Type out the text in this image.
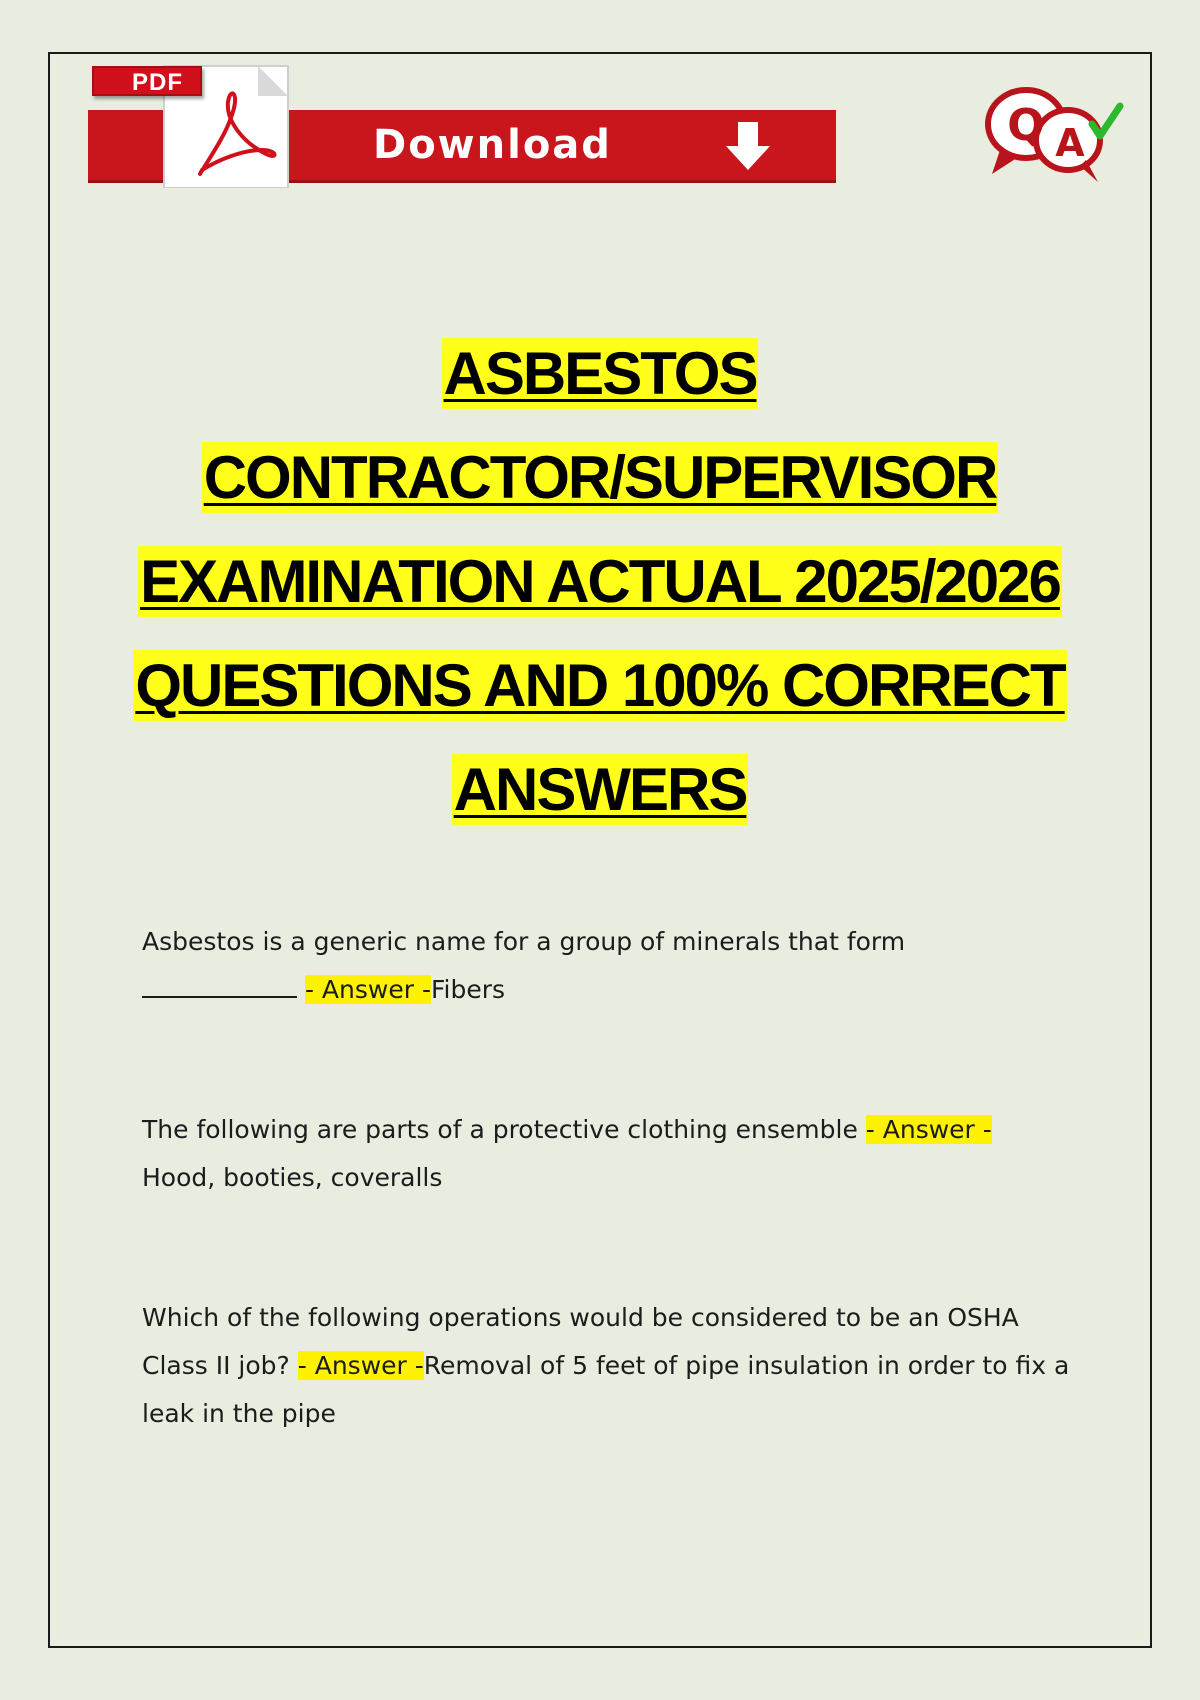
Download
PDF
Q A
ASBESTOS
CONTRACTOR/SUPERVISOR
EXAMINATION ACTUAL 2025/2026
QUESTIONS AND 100% CORRECT
ANSWERS
Asbestos is a generic name for a group of minerals that form
- Answer -Fibers
The following are parts of a protective clothing ensemble - Answer -
Hood, booties, coveralls
Which of the following operations would be considered to be an OSHA Class II job? - Answer -Removal of 5 feet of pipe insulation in order to fix a leak in the pipe
